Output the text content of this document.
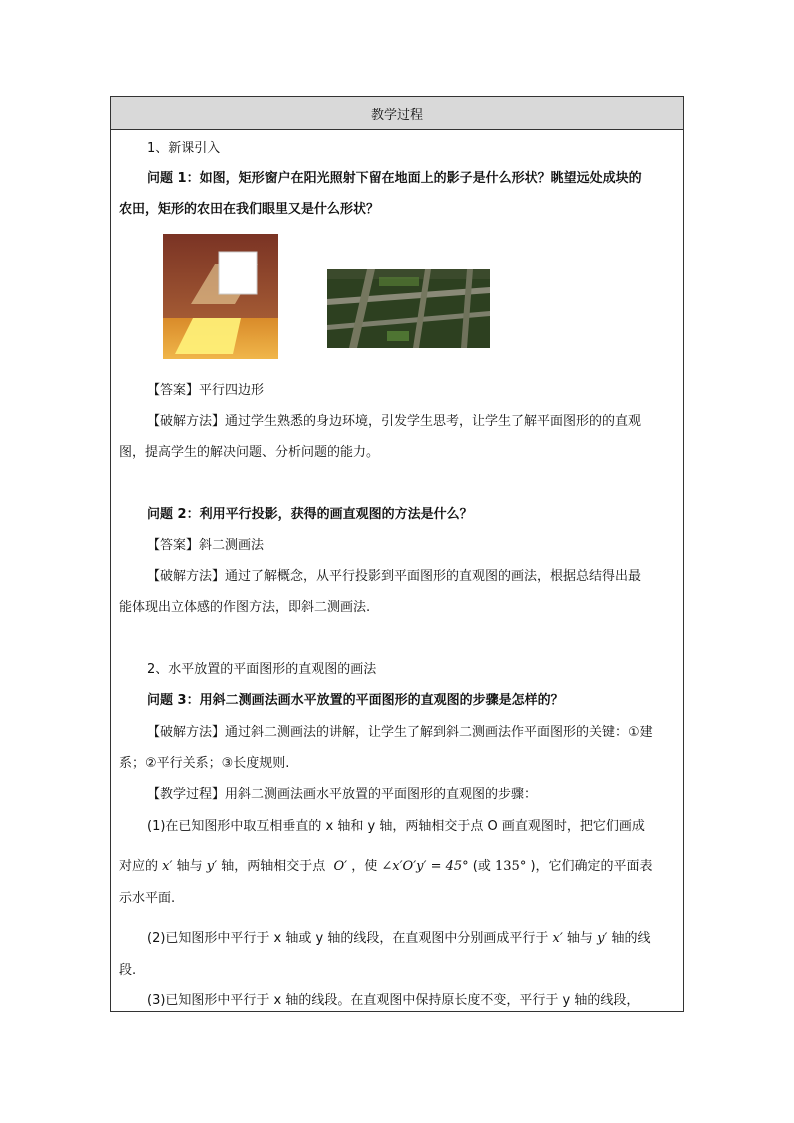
教学过程
1、新课引入
问题 1：如图，矩形窗户在阳光照射下留在地面上的影子是什么形状？眺望远处成块的
农田，矩形的农田在我们眼里又是什么形状？
【答案】平行四边形
【破解方法】通过学生熟悉的身边环境，引发学生思考，让学生了解平面图形的的直观
图，提高学生的解决问题、分析问题的能力。
问题 2：利用平行投影，获得的画直观图的方法是什么？
【答案】斜二测画法
【破解方法】通过了解概念，从平行投影到平面图形的直观图的画法，根据总结得出最
能体现出立体感的作图方法，即斜二测画法.
2、水平放置的平面图形的直观图的画法
问题 3：用斜二测画法画水平放置的平面图形的直观图的步骤是怎样的？
【破解方法】通过斜二测画法的讲解，让学生了解到斜二测画法作平面图形的关键：①建
系；②平行关系；③长度规则.
【教学过程】用斜二测画法画水平放置的平面图形的直观图的步骤：
(1)在已知图形中取互相垂直的 x 轴和 y 轴，两轴相交于点 O 画直观图时，把它们画成
对应的 x′ 轴与 y′ 轴，两轴相交于点 O′ ，使 ∠x′O′y′ = 45° (或 135° )，它们确定的平面表
示水平面.
(2)已知图形中平行于 x 轴或 y 轴的线段，在直观图中分别画成平行于 x′ 轴与 y′ 轴的线
段.
(3)已知图形中平行于 x 轴的线段。在直观图中保持原长度不变，平行于 y 轴的线段，
